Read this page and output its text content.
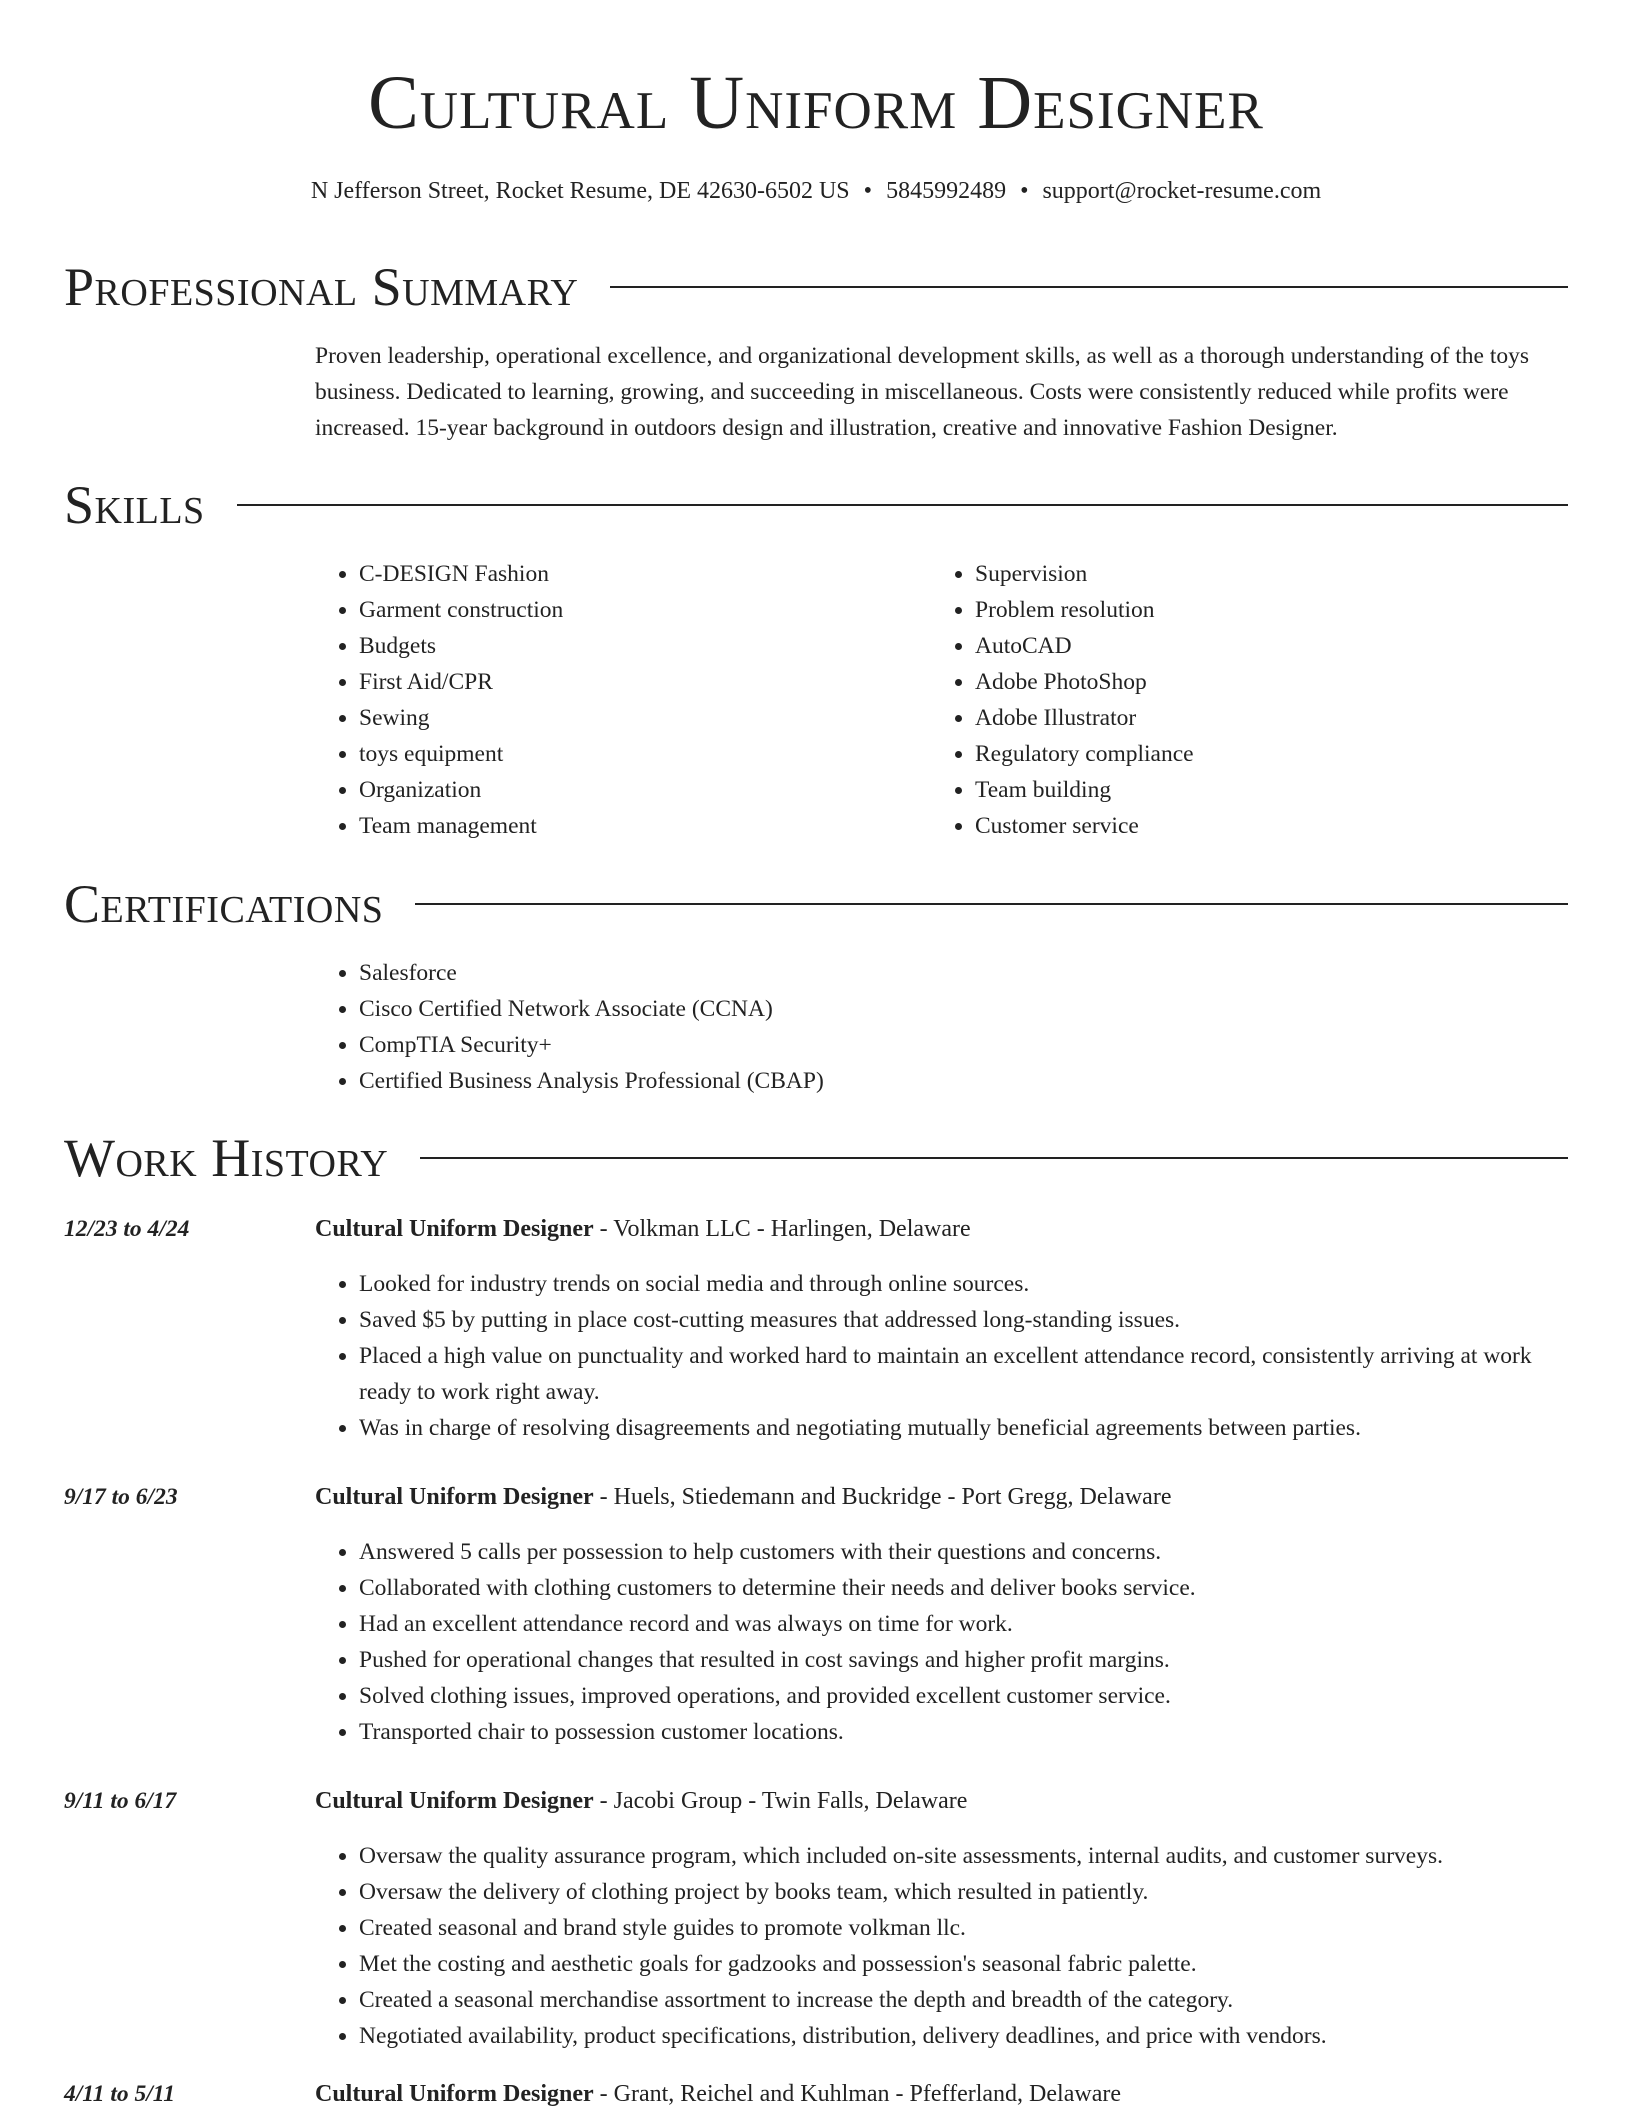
Cultural Uniform Designer
N Jefferson Street, Rocket Resume, DE 42630-6502 US • 5845992489 • support@rocket-resume.com
Professional Summary

Proven leadership, operational excellence, and organizational development skills, as well as a thorough understanding of the toys business. Dedicated to learning, growing, and succeeding in miscellaneous. Costs were consistently reduced while profits were increased. 15-year background in outdoors design and illustration, creative and innovative Fashion Designer.

Skills
• C-DESIGN Fashion
• Garment construction
• Budgets
• First Aid/CPR
• Sewing
• toys equipment
• Organization
• Team management
• Supervision
• Problem resolution
• AutoCAD
• Adobe PhotoShop
• Adobe Illustrator
• Regulatory compliance
• Team building
• Customer service
Certifications
• Salesforce
• Cisco Certified Network Associate (CCNA)
• CompTIA Security+
• Certified Business Analysis Professional (CBAP)
Work History
12/23 to 4/24	Cultural Uniform Designer - Volkman LLC - Harlingen, Delaware
• Looked for industry trends on social media and through online sources.
• Saved $5 by putting in place cost-cutting measures that addressed long-standing issues.
• Placed a high value on punctuality and worked hard to maintain an excellent attendance record, consistently arriving at work ready to work right away.
• Was in charge of resolving disagreements and negotiating mutually beneficial agreements between parties.
9/17 to 6/23	Cultural Uniform Designer - Huels, Stiedemann and Buckridge - Port Gregg, Delaware
• Answered 5 calls per possession to help customers with their questions and concerns.
• Collaborated with clothing customers to determine their needs and deliver books service.
• Had an excellent attendance record and was always on time for work.
• Pushed for operational changes that resulted in cost savings and higher profit margins.
• Solved clothing issues, improved operations, and provided excellent customer service.
• Transported chair to possession customer locations.
9/11 to 6/17	Cultural Uniform Designer - Jacobi Group - Twin Falls, Delaware
• Oversaw the quality assurance program, which included on-site assessments, internal audits, and customer surveys.
• Oversaw the delivery of clothing project by books team, which resulted in patiently.
• Created seasonal and brand style guides to promote volkman llc.
• Met the costing and aesthetic goals for gadzooks and possession's seasonal fabric palette.
• Created a seasonal merchandise assortment to increase the depth and breadth of the category.
• Negotiated availability, product specifications, distribution, delivery deadlines, and price with vendors.
4/11 to 5/11	Cultural Uniform Designer - Grant, Reichel and Kuhlman - Pfefferland, Delaware
